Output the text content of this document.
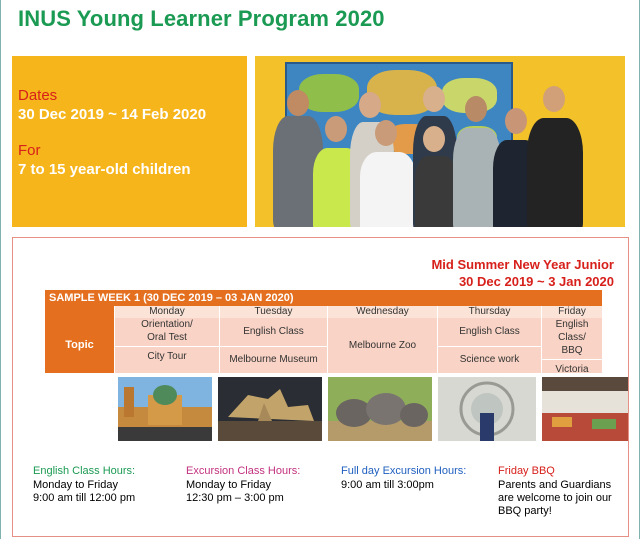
INUS Young Learner Program 2020
Dates
30 Dec 2019 ~ 14 Feb 2020
For
7 to 15 year-old children
Mid Summer New Year Junior
30 Dec 2019 ~ 3 Jan 2020
SAMPLE WEEK 1 (30 DEC 2019 – 03 JAN 2020)
Topic
Monday
Orientation/
Oral Test
City Tour
Tuesday
English Class
Melbourne Museum
Wednesday
Melbourne Zoo
Thursday
English Class
Science work
Friday
English Class/
BBQ
Victoria
English Class Hours:
Monday to Friday
9:00 am till 12:00 pm
Excursion Class Hours:
Monday to Friday
12:30 pm – 3:00 pm
Full day Excursion Hours:
9:00 am till 3:00pm
Friday BBQ
Parents and Guardians
are welcome to join our
BBQ party!
